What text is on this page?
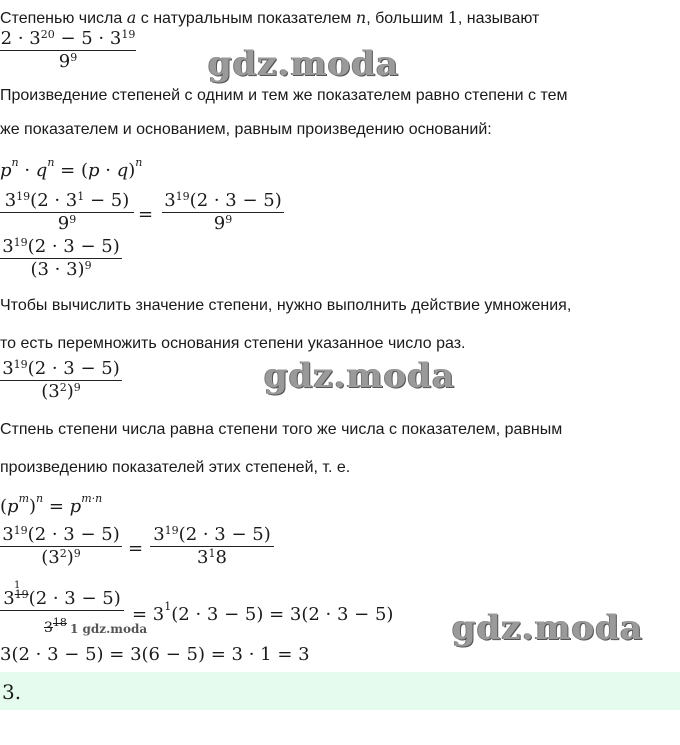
Степенью числа a с натуральным показателем n, большим 1, называют
$2 \cdot 3^{20} - 5 \cdot 3^{19}$
$9^9$	gdz.moda
Произведение степеней с одним и тем же показателем равно степени с тем
же показателем и основанием, равным произведению оснований:
$p^n \cdot q^n = (p \cdot q)^n$
$3^{19}(2 \cdot 3^1 - 5)$
$9^9$	=
$3^{19}(2 \cdot 3 - 5)$
$9^9$
$3^{19}(2 \cdot 3 - 5)$
$(3 \cdot 3)^9$
Чтобы вычислить значение степени, нужно выполнить действие умножения,
то есть перемножить основания степени указанное число раз.
$3^{19}(2 \cdot 3 - 5)$
$(3^2)^9$	gdz.moda
Стпень степени числа равна степени того же числа с показателем, равным
произведению показателей этих степеней, т. е.
$(p^m)^n = p^{m\cdot n}$
$3^{19}(2 \cdot 3 - 5)$
$(3^2)^9$	=
$3^{19}(2 \cdot 3 - 5)$
$3^18$
$3^{19}(2 \cdot 3 - 5)$

1
$3^{18}$ 1 gdz.moda
= $3^1(2 \cdot 3 - 5) = 3(2 \cdot 3 - 5)$ gdz.moda
3(2 · 3 − 5) = 3(6 − 5) = 3 · 1 = 3
3.
